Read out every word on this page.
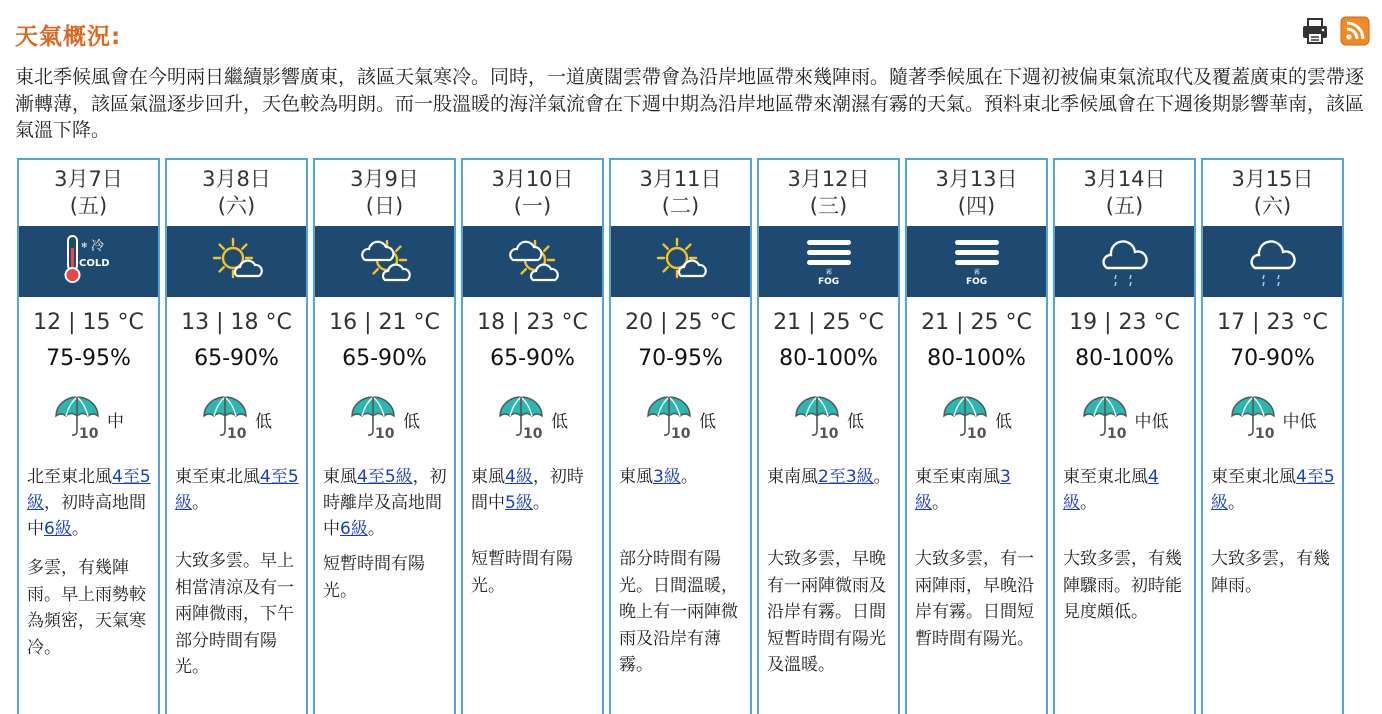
天氣概況:
東北季候風會在今明兩日繼續影響廣東，該區天氣寒冷。同時，一道廣闊雲帶會為沿岸地區帶來幾陣雨。隨著季候風在下週初被偏東氣流取代及覆蓋廣東的雲帶逐漸轉薄，該區氣溫逐步回升，天色較為明朗。而一股溫暖的海洋氣流會在下週中期為沿岸地區帶來潮濕有霧的天氣。預料東北季候風會在下週後期影響華南，該區氣溫下降。
3月7日
(五)
❄ 冷
COLD
12 | 15 °C
75-95%
10
中
北至東北風4至5級，初時高地間中6級。
多雲，有幾陣雨。早上雨勢較為頻密，天氣寒冷。
3月8日
(六)
13 | 18 °C
65-90%
10
低
東至東北風4至5級。
大致多雲。早上相當清涼及有一兩陣微雨，下午部分時間有陽光。
3月9日
(日)
16 | 21 °C
65-90%
10
低
東風4至5級，初時離岸及高地間中6級。
短暫時間有陽光。
3月10日
(一)
18 | 23 °C
65-90%
10
低
東風4級，初時間中5級。
短暫時間有陽光。
3月11日
(二)
20 | 25 °C
70-95%
10
低
東風3級。
部分時間有陽光。日間溫暖，晚上有一兩陣微雨及沿岸有薄霧。
3月12日
(三)
霧
FOG
21 | 25 °C
80-100%
10
低
東南風2至3級。
大致多雲，早晚有一兩陣微雨及沿岸有霧。日間短暫時間有陽光及溫暖。
3月13日
(四)
霧
FOG
21 | 25 °C
80-100%
10
低
東至東南風3級。
大致多雲，有一兩陣雨，早晚沿岸有霧。日間短暫時間有陽光。
3月14日
(五)
19 | 23 °C
80-100%
10
中低
東至東北風4級。
大致多雲，有幾陣驟雨。初時能見度頗低。
3月15日
(六)
17 | 23 °C
70-90%
10
中低
東至東北風4至5級。
大致多雲，有幾陣雨。
